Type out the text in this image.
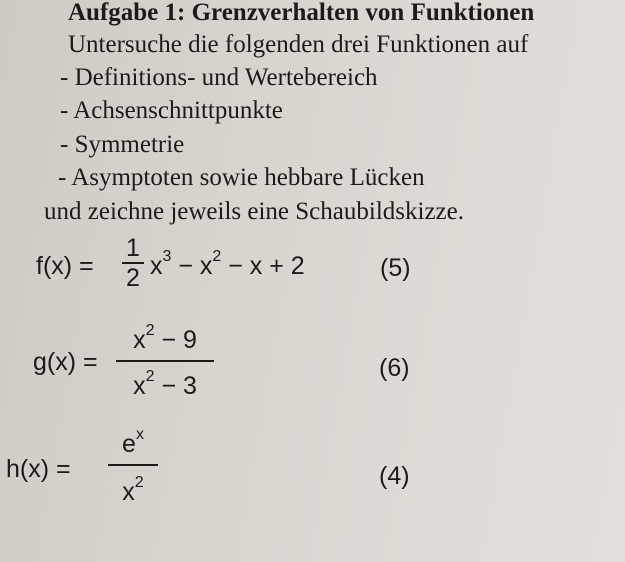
Aufgabe 1: Grenzverhalten von Funktionen
Untersuche die folgenden drei Funktionen auf
- Definitions- und Wertebereich
- Achsenschnittpunkte
- Symmetrie
- Asymptoten sowie hebbare Lücken
und zeichne jeweils eine Schaubildskizze.
f(x) =
1
2 $x^3 - x^2 - x + 2$	(5)
g(x) =
$x^2 - 9$
$x^2 - 3$
(6)
h(x) =
$e^x$
$x^2$	(4)
